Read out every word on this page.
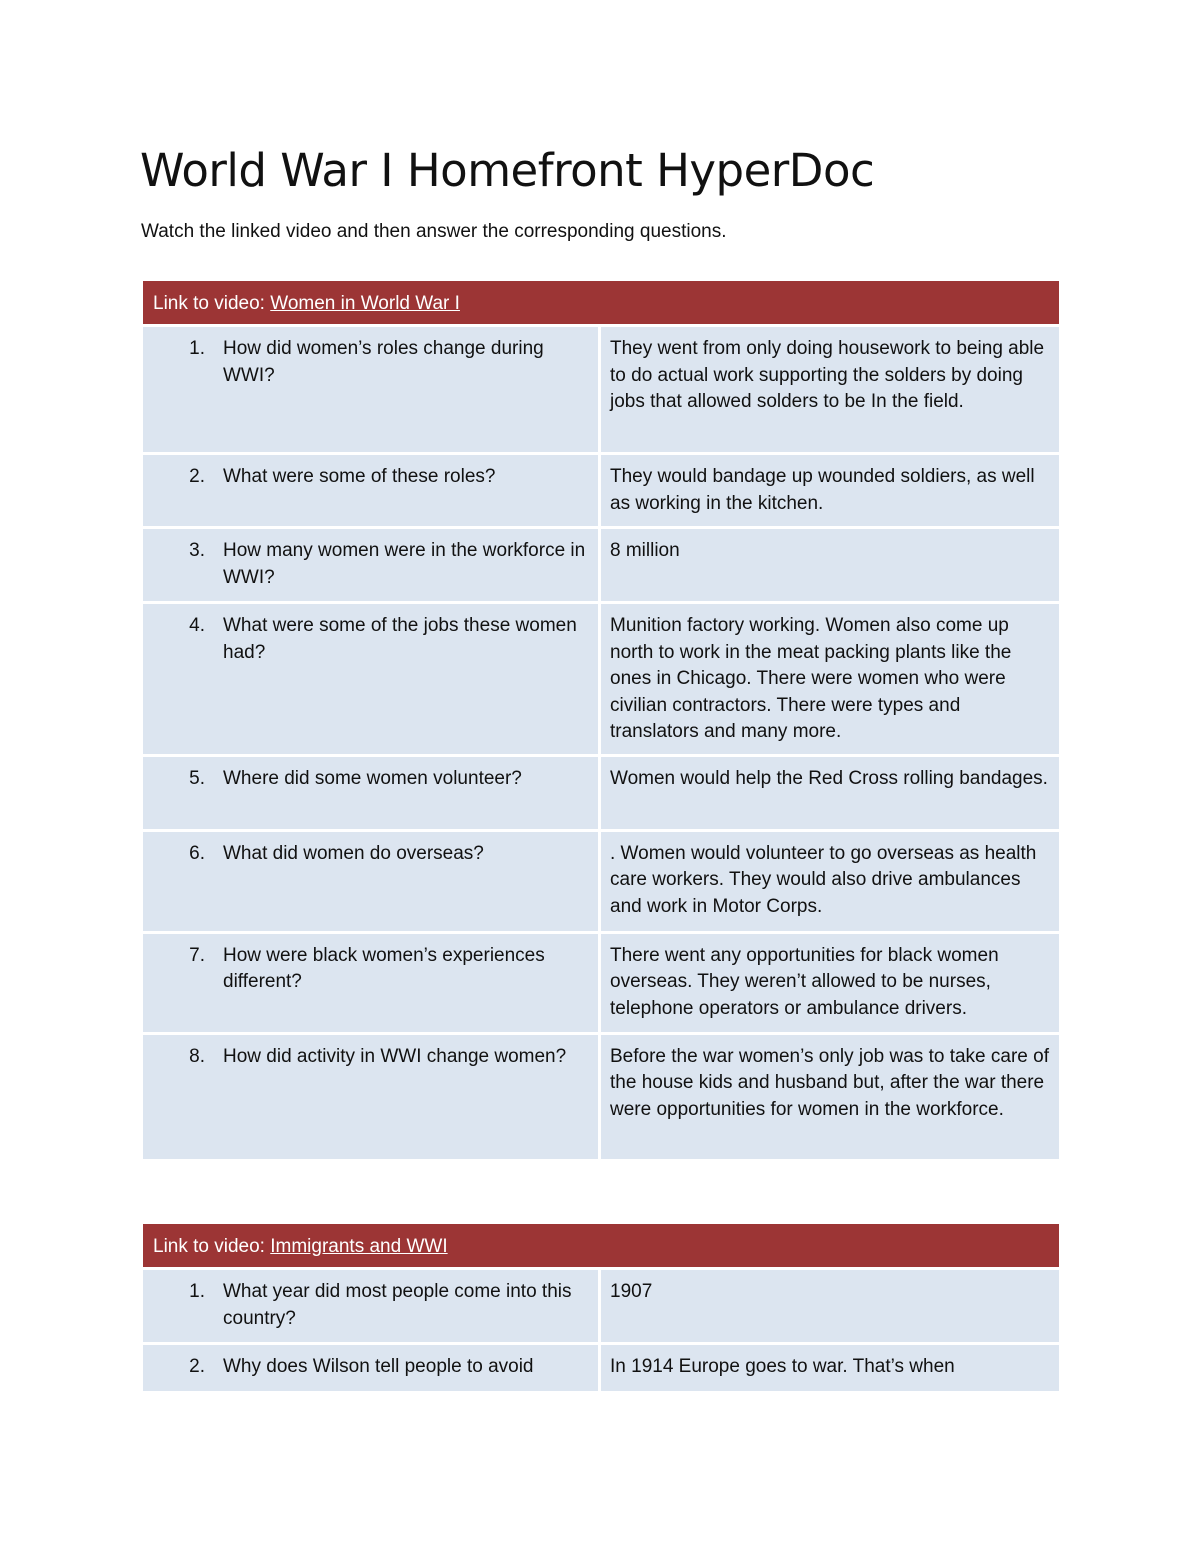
World War I Homefront HyperDoc

Watch the linked video and then answer the corresponding questions.

Link to video: Women in World War I	

1. How did women’s roles change during WWI?	They went from only doing housework to being able to do actual work supporting the solders by doing jobs that allowed solders to be In the field.

2. What were some of these roles?	They would bandage up wounded soldiers, as well as working in the kitchen.

3. How many women were in the workforce in WWI?	8 million

4. What were some of the jobs these women had?	Munition factory working. Women also come up north to work in the meat packing plants like the ones in Chicago. There were women who were civilian contractors. There were types and translators and many more.

5. Where did some women volunteer?	Women would help the Red Cross rolling bandages.

6. What did women do overseas?	. Women would volunteer to go overseas as health care workers. They would also drive ambulances and work in Motor Corps.

7. How were black women’s experiences different?	There went any opportunities for black women overseas. They weren’t allowed to be nurses, telephone operators or ambulance drivers.

8. How did activity in WWI change women?	Before the war women’s only job was to take care of the house kids and husband but, after the war there were opportunities for women in the workforce.
Link to video: Immigrants and WWI	

1. What year did most people come into this country?	1907

2. Why does Wilson tell people to avoid	In 1914 Europe goes to war. That’s when
